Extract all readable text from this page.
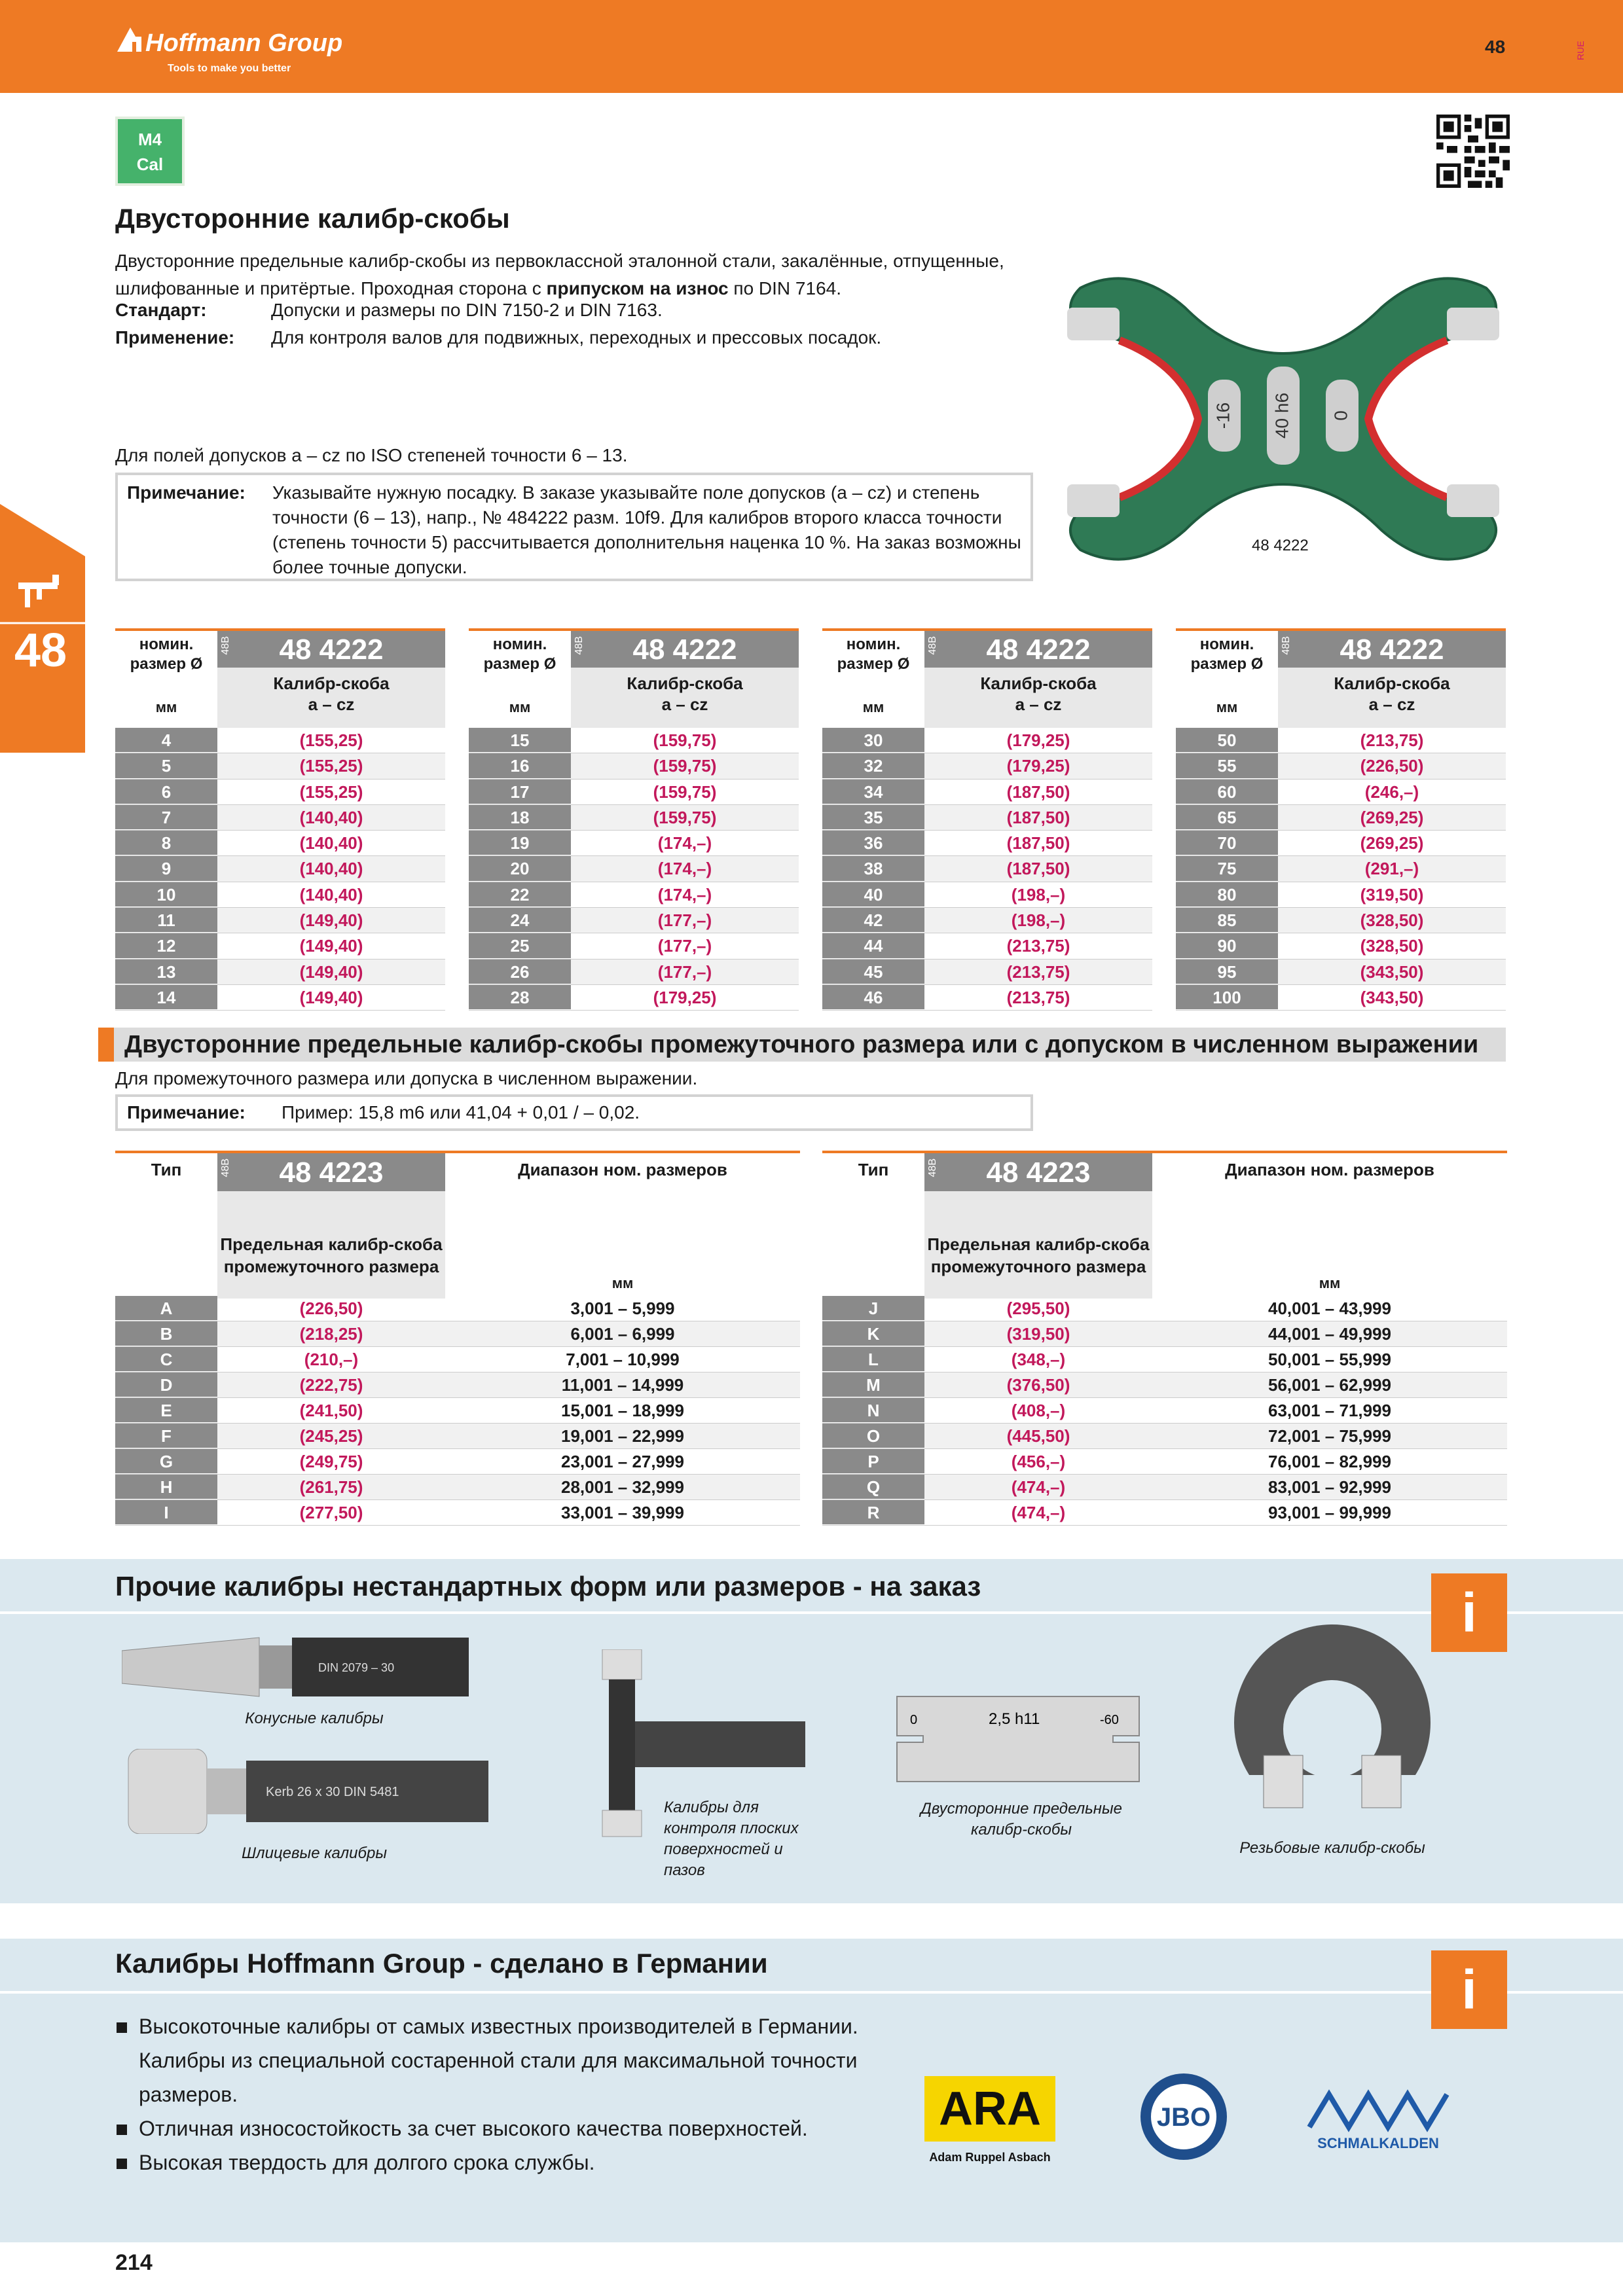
Hoffmann Group
Tools to make you better
48	RUE
M4
Cal
48
Двусторонние калибр-скобы
Двусторонние предельные калибр-скобы из первоклассной эталонной стали, закалённые, отпущенные, шлифованные и притёртые. Проходная сторона с припуском на износ по DIN 7164.
Стандарт:	Допуски и размеры по DIN 7150-2 и DIN 7163.
Применение: Для контроля валов для подвижных, переходных и прессовых посадок.
Для полей допусков a – cz по ISO степеней точности 6 – 13.
Примечание: Указывайте нужную посадку. В заказе указывайте поле допусков (a – cz) и степень точности (6 – 13), напр., № 484222 разм. 10f9. Для калибров второго класса точности (степень точности 5) рассчитывается дополнительня наценка 10 %. На заказ возможны более точные допуски.
-16 40 h6 0
48 4222
номин.
размер Ø
мм
48 4222
48B
Калибр-скоба
a – cz
4	(155,25)
5	(155,25)
6	(155,25)
7	(140,40)
8	(140,40)
9	(140,40)
10	(140,40)
11	(149,40)
12	(149,40)
13	(149,40)
14	(149,40)
номин.
размер Ø
мм
48 4222
48B
Калибр-скоба
a – cz
15	(159,75)
16	(159,75)
17	(159,75)
18	(159,75)
19	(174,–)
20	(174,–)
22	(174,–)
24	(177,–)
25	(177,–)
26	(177,–)
28	(179,25)
номин.
размер Ø
мм
48 4222
48B
Калибр-скоба
a – cz
30	(179,25)
32	(179,25)
34	(187,50)
35	(187,50)
36	(187,50)
38	(187,50)
40	(198,–)
42	(198,–)
44	(213,75)
45	(213,75)
46	(213,75)
номин.
размер Ø
мм
48 4222
48B
Калибр-скоба
a – cz
50	(213,75)
55	(226,50)
60	(246,–)
65	(269,25)
70	(269,25)
75	(291,–)
80	(319,50)
85	(328,50)
90	(328,50)
95	(343,50)
100	(343,50)
Двусторонние предельные калибр-скобы промежуточного размера или с допуском в численном выражении
Для промежуточного размера или допуска в численном выражении.
Примечание: Пример: 15,8 m6 или 41,04 + 0,01 / – 0,02.
Тип	48 4223
48B
Предельная калибр-скоба промежуточного размера
Диапазон ном. размеров
мм
A	(226,50)	3,001 – 5,999
B	(218,25)	6,001 – 6,999
C	(210,–)	7,001 – 10,999
D	(222,75)	11,001 – 14,999
E	(241,50)	15,001 – 18,999
F	(245,25)	19,001 – 22,999
G	(249,75)	23,001 – 27,999
H	(261,75)	28,001 – 32,999
I	(277,50)	33,001 – 39,999
Тип	48 4223
48B
Предельная калибр-скоба промежуточного размера
Диапазон ном. размеров
мм
J	(295,50)	40,001 – 43,999
K	(319,50)	44,001 – 49,999
L	(348,–)	50,001 – 55,999
M	(376,50)	56,001 – 62,999
N	(408,–)	63,001 – 71,999
O	(445,50)	72,001 – 75,999
P	(456,–)	76,001 – 82,999
Q	(474,–)	83,001 – 92,999
R	(474,–)	93,001 – 99,999
Прочие калибры нестандартных форм или размеров - на заказ	i
DIN 2079 – 30
Конусные калибры
Kerb 26 x 30 DIN 5481
Шлицевые калибры
Калибры для контроля плоских поверхностей и пазов
0	2,5 h11	-60
Двусторонние предельные калибр-скобы
Резьбовые калибр-скобы
Калибры Hoffmann Group - сделано в Германии	i
Высокоточные калибры от самых известных производителей в Германии. Калибры из специальной состаренной стали для максимальной точности размеров.
Отличная износостойкость за счет высокого качества поверхностей.
Высокая твердость для долгого срока службы.
ARA
Adam Ruppel Asbach
JBO
SCHMALKALDEN
214
